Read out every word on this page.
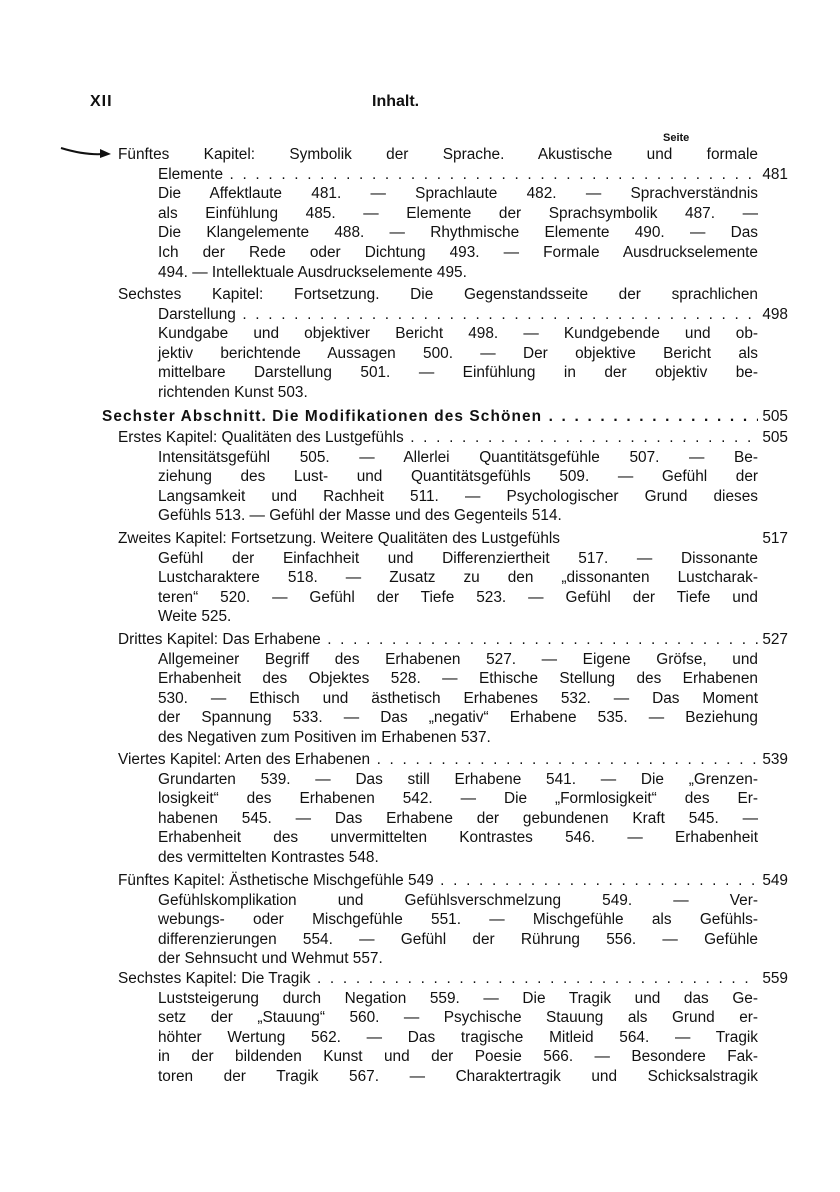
XII	Inhalt.
Seite
Fünftes Kapitel: Symbolik der Sprache. Akustische und formale
Elemente . . .	481
Die Affektlaute 481. — Sprachlaute 482. — Sprachverständnis
als Einfühlung 485. — Elemente der Sprachsymbolik 487. —
Die Klangelemente 488. — Rhythmische Elemente 490. — Das
Ich der Rede oder Dichtung 493. — Formale Ausdruckselemente
494. — Intellektuale Ausdruckselemente 495.
Sechstes Kapitel: Fortsetzung. Die Gegenstandsseite der sprachlichen
Darstellung . . .	498
Kundgabe und objektiver Bericht 498. — Kundgebende und ob-
jektiv berichtende Aussagen 500. — Der objektive Bericht als
mittelbare Darstellung 501. — Einfühlung in der objektiv be-
richtenden Kunst 503.
Sechster Abschnitt. Die Modifikationen des Schönen . . .	505
Erstes Kapitel: Qualitäten des Lustgefühls . . .	505
Intensitätsgefühl 505. — Allerlei Quantitätsgefühle 507. — Be-
ziehung des Lust- und Quantitätsgefühls 509. — Gefühl der
Langsamkeit und Rachheit 511. — Psychologischer Grund dieses
Gefühls 513. — Gefühl der Masse und des Gegenteils 514.
Zweites Kapitel: Fortsetzung. Weitere Qualitäten des Lustgefühls	517
Gefühl der Einfachheit und Differenziertheit 517. — Dissonante
Lustcharaktere 518. — Zusatz zu den „dissonanten Lustcharak-
teren“ 520. — Gefühl der Tiefe 523. — Gefühl der Tiefe und
Weite 525.
Drittes Kapitel: Das Erhabene . . .	527
Allgemeiner Begriff des Erhabenen 527. — Eigene Gröfse, und
Erhabenheit des Objektes 528. — Ethische Stellung des Erhabenen
530. — Ethisch und ästhetisch Erhabenes 532. — Das Moment
der Spannung 533. — Das „negativ“ Erhabene 535. — Beziehung
des Negativen zum Positiven im Erhabenen 537.
Viertes Kapitel: Arten des Erhabenen . . .	539
Grundarten 539. — Das still Erhabene 541. — Die „Grenzen-
losigkeit“ des Erhabenen 542. — Die „Formlosigkeit“ des Er-
habenen 545. — Das Erhabene der gebundenen Kraft 545. —
Erhabenheit des unvermittelten Kontrastes 546. — Erhabenheit
des vermittelten Kontrastes 548.
Fünftes Kapitel: Ästhetische Mischgefühle 549 . . .	549
Gefühlskomplikation und Gefühlsverschmelzung 549. — Ver-
webungs- oder Mischgefühle 551. — Mischgefühle als Gefühls-
differenzierungen 554. — Gefühl der Rührung 556. — Gefühle
der Sehnsucht und Wehmut 557.
Sechstes Kapitel: Die Tragik . . .	559
Luststeigerung durch Negation 559. — Die Tragik und das Ge-
setz der „Stauung“ 560. — Psychische Stauung als Grund er-
höhter Wertung 562. — Das tragische Mitleid 564. — Tragik
in der bildenden Kunst und der Poesie 566. — Besondere Fak-
toren der Tragik 567. — Charaktertragik und Schicksalstragik
